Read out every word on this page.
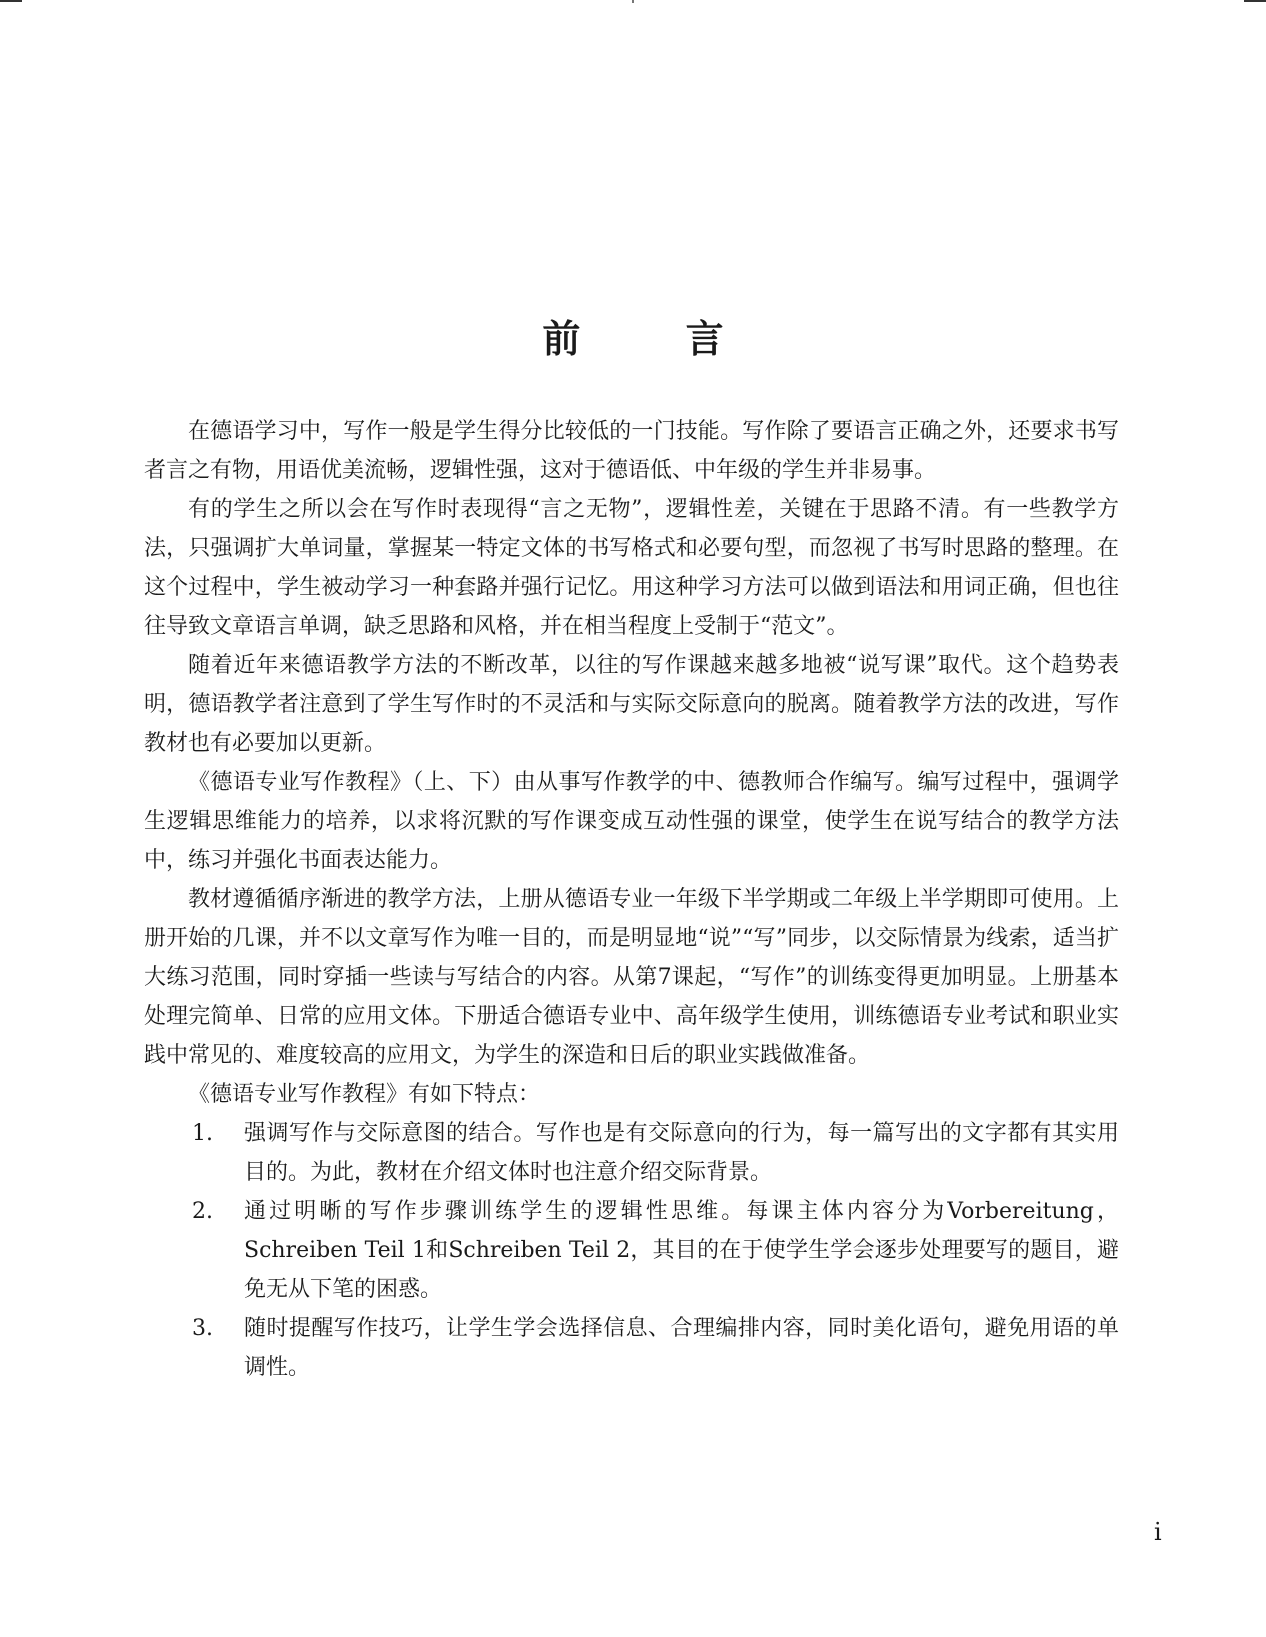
前 言

在德语学习中，写作一般是学生得分比较低的一门技能。写作除了要语言正确之外，还要求书写者言之有物，用语优美流畅，逻辑性强，这对于德语低、中年级的学生并非易事。

有的学生之所以会在写作时表现得“言之无物”，逻辑性差，关键在于思路不清。有一些教学方法，只强调扩大单词量，掌握某一特定文体的书写格式和必要句型，而忽视了书写时思路的整理。在这个过程中，学生被动学习一种套路并强行记忆。用这种学习方法可以做到语法和用词正确，但也往往导致文章语言单调，缺乏思路和风格，并在相当程度上受制于“范文”。

随着近年来德语教学方法的不断改革，以往的写作课越来越多地被“说写课”取代。这个趋势表明，德语教学者注意到了学生写作时的不灵活和与实际交际意向的脱离。随着教学方法的改进，写作教材也有必要加以更新。

《德语专业写作教程》（上、下）由从事写作教学的中、德教师合作编写。编写过程中，强调学生逻辑思维能力的培养，以求将沉默的写作课变成互动性强的课堂，使学生在说写结合的教学方法中，练习并强化书面表达能力。

教材遵循循序渐进的教学方法，上册从德语专业一年级下半学期或二年级上半学期即可使用。上册开始的几课，并不以文章写作为唯一目的，而是明显地“说”“写”同步，以交际情景为线索，适当扩大练习范围，同时穿插一些读与写结合的内容。从第7课起，“写作”的训练变得更加明显。上册基本处理完简单、日常的应用文体。下册适合德语专业中、高年级学生使用，训练德语专业考试和职业实践中常见的、难度较高的应用文，为学生的深造和日后的职业实践做准备。

《德语专业写作教程》有如下特点：

1. 强调写作与交际意图的结合。写作也是有交际意向的行为，每一篇写出的文字都有其实用目的。为此，教材在介绍文体时也注意介绍交际背景。
2. 通过明晰的写作步骤训练学生的逻辑性思维。每课主体内容分为Vorbereitung，Schreiben Teil 1和Schreiben Teil 2，其目的在于使学生学会逐步处理要写的题目，避免无从下笔的困惑。
3. 随时提醒写作技巧，让学生学会选择信息、合理编排内容，同时美化语句，避免用语的单调性。
i
